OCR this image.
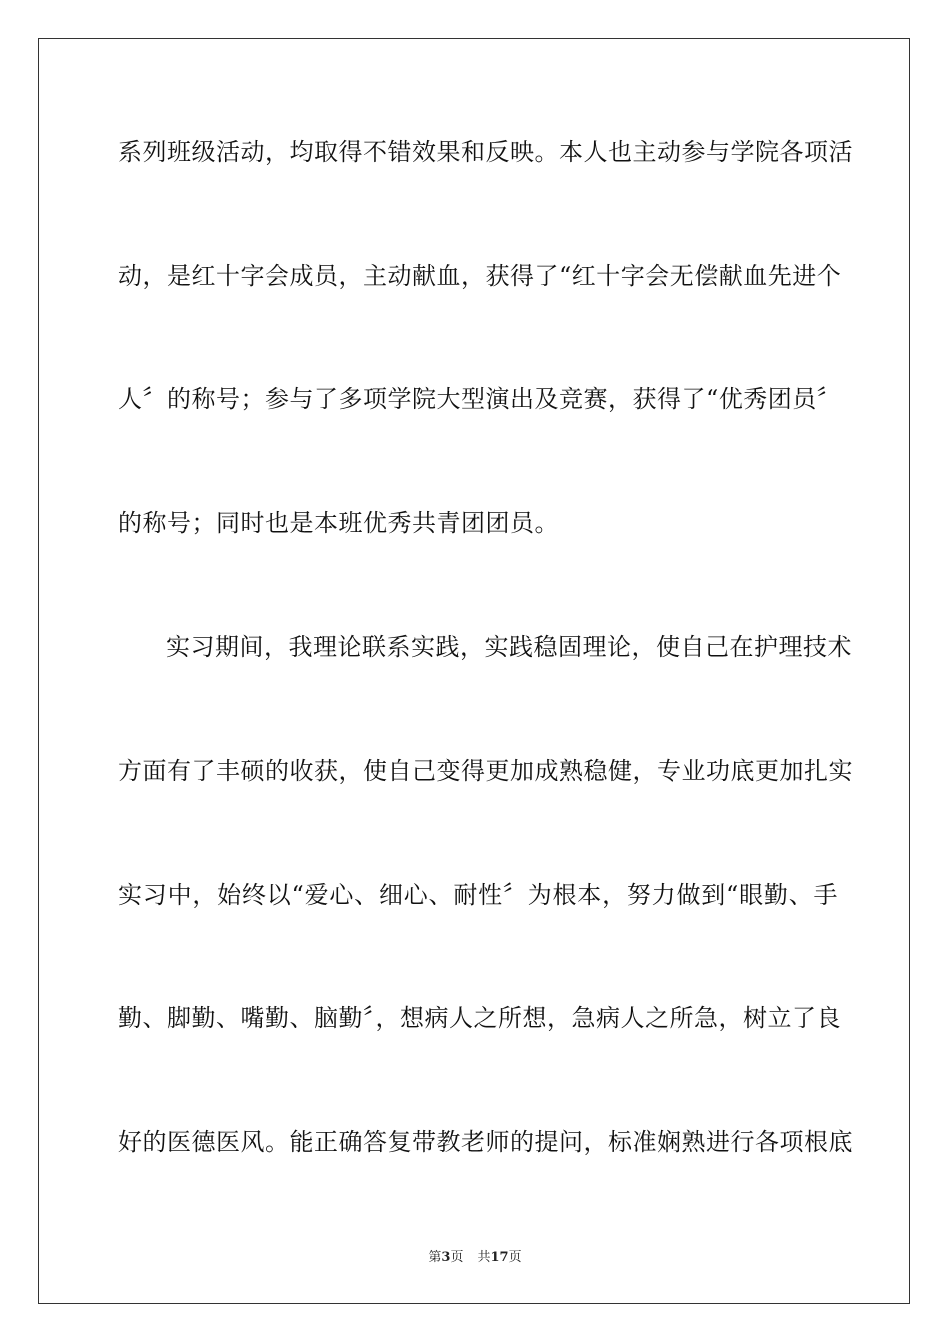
系列班级活动，均取得不错效果和反映。本人也主动参与学院各项活
动，是红十字会成员，主动献血，获得了“红十字会无偿献血先进个
人〞的称号；参与了多项学院大型演出及竞赛，获得了“优秀团员〞
的称号；同时也是本班优秀共青团团员。
实习期间，我理论联系实践，实践稳固理论，使自己在护理技术
方面有了丰硕的收获，使自己变得更加成熟稳健，专业功底更加扎实
实习中，始终以“爱心、细心、耐性〞为根本，努力做到“眼勤、手
勤、脚勤、嘴勤、脑勤〞，想病人之所想，急病人之所急，树立了良
好的医德医风。能正确答复带教老师的提问，标准娴熟进行各项根底
第3页 共17页
